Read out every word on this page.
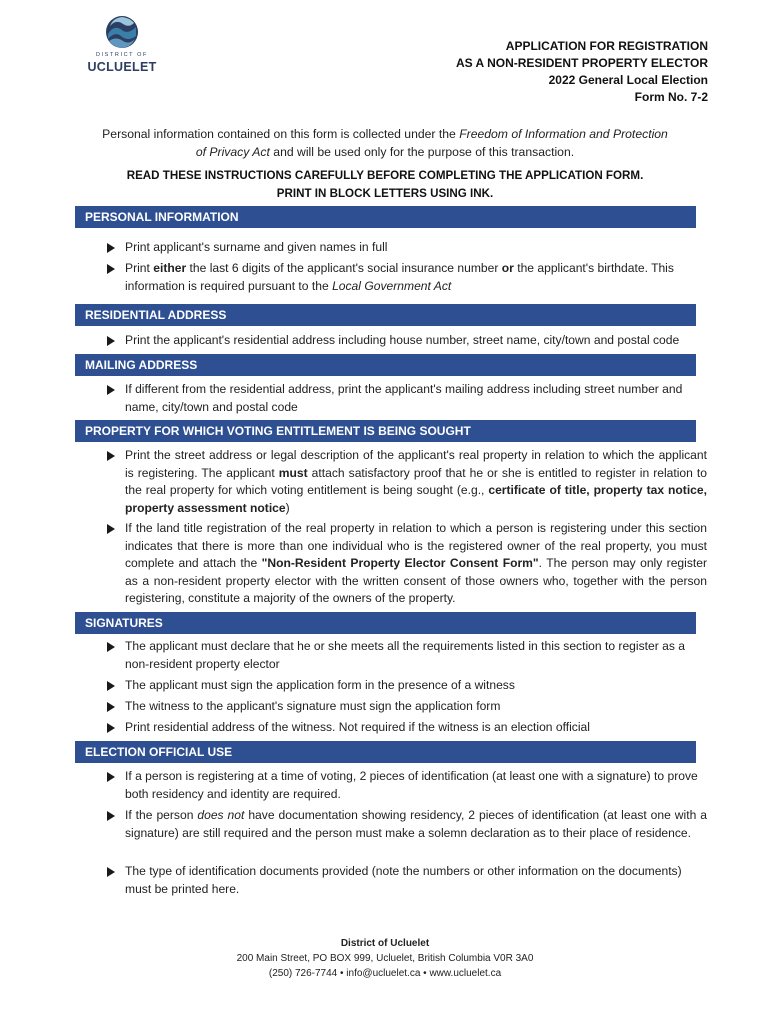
DISTRICT OF
UCLUELET
APPLICATION FOR REGISTRATION
AS A NON-RESIDENT PROPERTY ELECTOR
2022 General Local Election
Form No. 7-2
Personal information contained on this form is collected under the Freedom of Information and Protection
of Privacy Act and will be used only for the purpose of this transaction.
READ THESE INSTRUCTIONS CAREFULLY BEFORE COMPLETING THE APPLICATION FORM.
PRINT IN BLOCK LETTERS USING INK.
PERSONAL INFORMATION
Print applicant's surname and given names in full
Print either the last 6 digits of the applicant's social insurance number or the applicant's birthdate. This information is required pursuant to the Local Government Act
RESIDENTIAL ADDRESS
Print the applicant's residential address including house number, street name, city/town and postal code
MAILING ADDRESS
If different from the residential address, print the applicant's mailing address including street number and name, city/town and postal code
PROPERTY FOR WHICH VOTING ENTITLEMENT IS BEING SOUGHT
Print the street address or legal description of the applicant's real property in relation to which the applicant is registering. The applicant must attach satisfactory proof that he or she is entitled to register in relation to the real property for which voting entitlement is being sought (e.g., certificate of title, property tax notice, property assessment notice)
If the land title registration of the real property in relation to which a person is registering under this section indicates that there is more than one individual who is the registered owner of the real property, you must complete and attach the "Non-Resident Property Elector Consent Form". The person may only register as a non-resident property elector with the written consent of those owners who, together with the person registering, constitute a majority of the owners of the property.
SIGNATURES
The applicant must declare that he or she meets all the requirements listed in this section to register as a non-resident property elector
The applicant must sign the application form in the presence of a witness
The witness to the applicant's signature must sign the application form
Print residential address of the witness. Not required if the witness is an election official
ELECTION OFFICIAL USE
If a person is registering at a time of voting, 2 pieces of identification (at least one with a signature) to prove both residency and identity are required.
If the person does not have documentation showing residency, 2 pieces of identification (at least one with a signature) are still required and the person must make a solemn declaration as to their place of residence.
The type of identification documents provided (note the numbers or other information on the documents) must be printed here.
District of Ucluelet
200 Main Street, PO BOX 999, Ucluelet, British Columbia V0R 3A0
(250) 726-7744 • info@ucluelet.ca • www.ucluelet.ca
